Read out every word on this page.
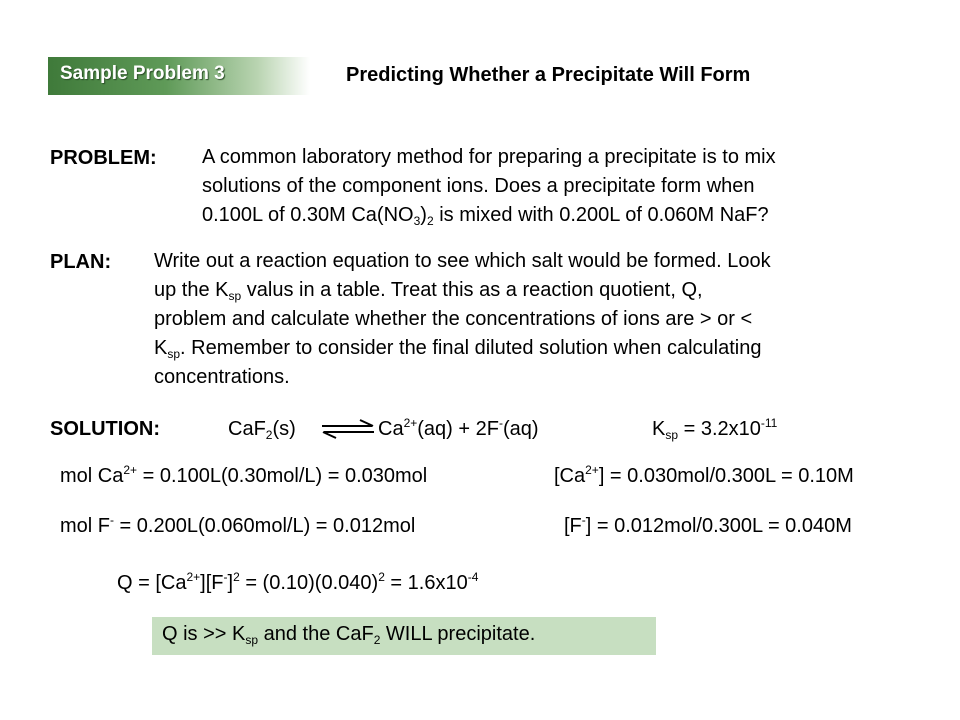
Sample Problem 3	Predicting Whether a Precipitate Will Form
PROBLEM: A common laboratory method for preparing a precipitate is to mix
solutions of the component ions. Does a precipitate form when
0.100L of 0.30M $Ca(NO_3)_2$ is mixed with 0.200L of 0.060M NaF?
PLAN: Write out a reaction equation to see which salt would be formed. Look
up the $K_{sp}$ valus in a table. Treat this as a reaction quotient, Q,
problem and calculate whether the concentrations of ions are > or <
$K_{sp}$. Remember to consider the final diluted solution when calculating
concentrations.
SOLUTION:	CaF$_2$(s) ⇌ $Ca^{2+}(aq) + 2F^-(aq)$	$K_{sp} = 3.2x10^{-11}$
mol $Ca^{2+} = 0.100L(0.30mol/L) = 0.030mol$	$[Ca^{2+}] = 0.030mol/0.300L = 0.10M$
mol F- = 0.200L(0.060mol/L) = 0.012mol	[F-] = 0.012mol/0.300L = 0.040M
$Q = [Ca^{2+}][F^-]^2 = (0.10)(0.040)^2 = 1.6x10^{-4}$
Q is >> $K_{sp}$ and the CaF$_2$ WILL precipitate.
